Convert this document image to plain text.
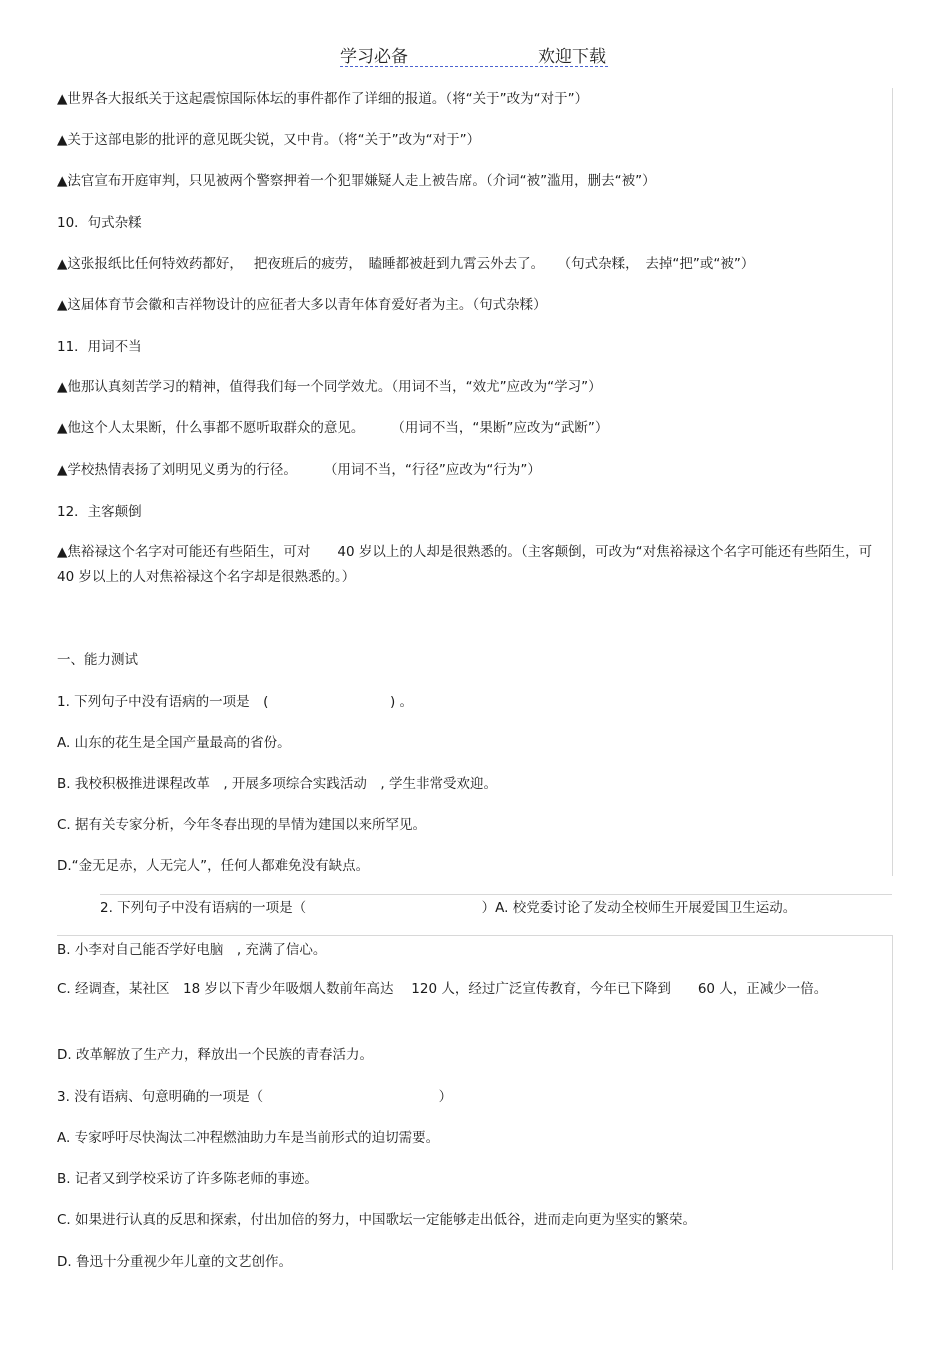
学习必备	欢迎下载
▲世界各大报纸关于这起震惊国际体坛的事件都作了详细的报道。（将“关于”改为“对于”）
▲关于这部电影的批评的意见既尖锐，又中肯。（将“关于”改为“对于”）
▲法官宣布开庭审判，只见被两个警察押着一个犯罪嫌疑人走上被告席。（介词“被”滥用，删去“被”）
10．句式杂糅
▲这张报纸比任何特效药都好，　 把夜班后的疲劳，　瞌睡都被赶到九霄云外去了。　　（句式杂糅，　去掉“把”或“被”）
▲这届体育节会徽和吉祥物设计的应征者大多以青年体育爱好者为主。（句式杂糅）
11．用词不当
▲他那认真刻苦学习的精神，值得我们每一个同学效尤。（用词不当，“效尤”应改为“学习”）
▲他这个人太果断，什么事都不愿听取群众的意见。　　　（用词不当，“果断”应改为“武断”）
▲学校热情表扬了刘明见义勇为的行径。　　　（用词不当，“行径”应改为“行为”）
12．主客颠倒
▲焦裕禄这个名字对可能还有些陌生，可对　　40 岁以上的人却是很熟悉的。（主客颠倒，可改为“对焦裕禄这个名字可能还有些陌生，可　 40 岁以上的人对焦裕禄这个名字却是很熟悉的。）
一、能力测试
1. 下列句子中没有语病的一项是　(　　　　　　　　　) 。
A. 山东的花生是全国产量最高的省份。
B. 我校积极推进课程改革　, 开展多项综合实践活动　, 学生非常受欢迎。
C. 据有关专家分析，今年冬春出现的旱情为建国以来所罕见。
D.“金无足赤，人无完人”，任何人都难免没有缺点。
2. 下列句子中没有语病的一项是（　　　　　　　　　　　　　）A. 校党委讨论了发动全校师生开展爱国卫生运动。
B. 小李对自己能否学好电脑　, 充满了信心。
C. 经调查，某社区　18 岁以下青少年吸烟人数前年高达　 120 人，经过广泛宣传教育，今年已下降到　　60 人，正减少一倍。
D. 改革解放了生产力，释放出一个民族的青春活力。
3. 没有语病、句意明确的一项是（　　　　　　　　　　　　　）
A. 专家呼吁尽快淘汰二冲程燃油助力车是当前形式的迫切需要。
B. 记者又到学校采访了许多陈老师的事迹。
C. 如果进行认真的反思和探索，付出加倍的努力，中国歌坛一定能够走出低谷，进而走向更为坚实的繁荣。
D. 鲁迅十分重视少年儿童的文艺创作。
